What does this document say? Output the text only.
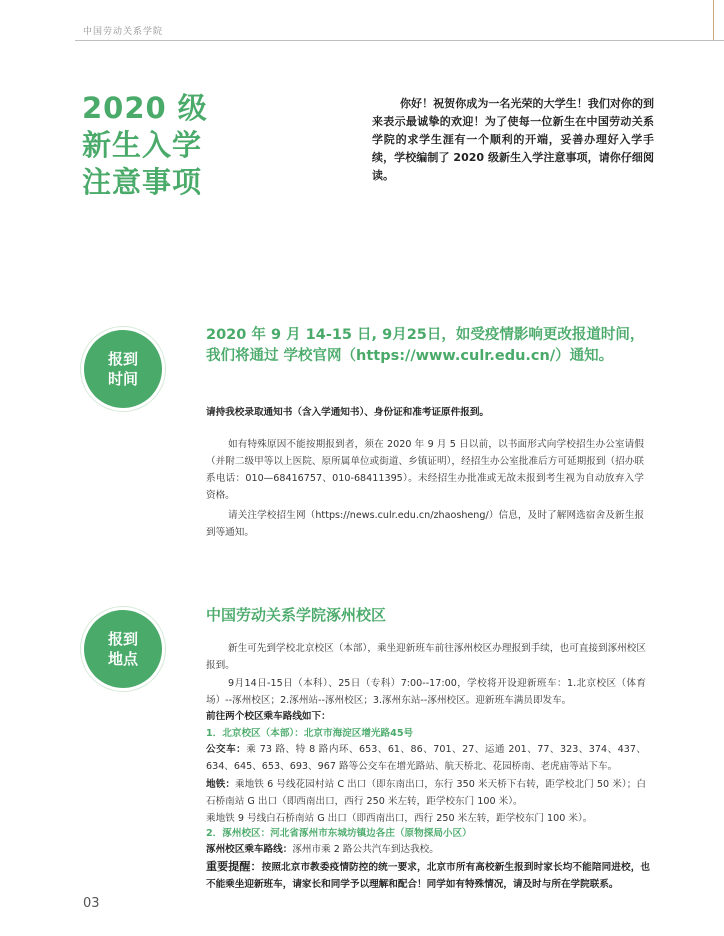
中国劳动关系学院
2020 级
新生入学
注意事项
你好！祝贺你成为一名光荣的大学生！我们对你的到来表示最诚挚的欢迎！为了使每一位新生在中国劳动关系学院的求学生涯有一个顺利的开端，妥善办理好入学手续，学校编制了 2020 级新生入学注意事项，请你仔细阅读。
报到
时间
2020 年 9 月 14-15 日, 9月25日，如受疫情影响更改报道时间，
我们将通过 学校官网（https://www.culr.edu.cn/）通知。
请持我校录取通知书（含入学通知书）、身份证和准考证原件报到。
如有特殊原因不能按期报到者，须在 2020 年 9 月 5 日以前，以书面形式向学校招生办公室请假（并附二级甲等以上医院、原所属单位或街道、乡镇证明），经招生办公室批准后方可延期报到（招办联系电话：010—68416757、010-68411395）。未经招生办批准或无故未报到考生视为自动放弃入学资格。
请关注学校招生网（https://news.culr.edu.cn/zhaosheng/）信息，及时了解网选宿舍及新生报到等通知。
报到
地点
中国劳动关系学院涿州校区
新生可先到学校北京校区（本部），乘坐迎新班车前往涿州校区办理报到手续，也可直接到涿州校区报到。
9月14日-15日（本科）、25日（专科）7:00--17:00，学校将开设迎新班车：1.北京校区（体育场）--涿州校区；2.涿州站--涿州校区；3.涿州东站--涿州校区。迎新班车满员即发车。
前往两个校区乘车路线如下：
1．北京校区（本部）：北京市海淀区增光路45号
公交车：乘 73 路、特 8 路内环、653、61、86、701、27、运通 201、77、323、374、437、634、645、653、693、967 路等公交车在增光路站、航天桥北、花园桥南、老虎庙等站下车。
地铁：乘地铁 6 号线花园村站 C 出口（即东南出口，东行 350 米天桥下右转，距学校北门 50 米）；白石桥南站 G 出口（即西南出口，西行 250 米左转，距学校东门 100 米）。
乘地铁 9 号线白石桥南站 G 出口（即西南出口，西行 250 米左转，距学校东门 100 米）。
2．涿州校区：河北省涿州市东城坊镇边各庄（原物探局小区）
涿州校区乘车路线：涿州市乘 2 路公共汽车到达我校。
重要提醒：按照北京市教委疫情防控的统一要求，北京市所有高校新生报到时家长均不能陪同进校，也不能乘坐迎新班车，请家长和同学予以理解和配合！同学如有特殊情况，请及时与所在学院联系。
03
